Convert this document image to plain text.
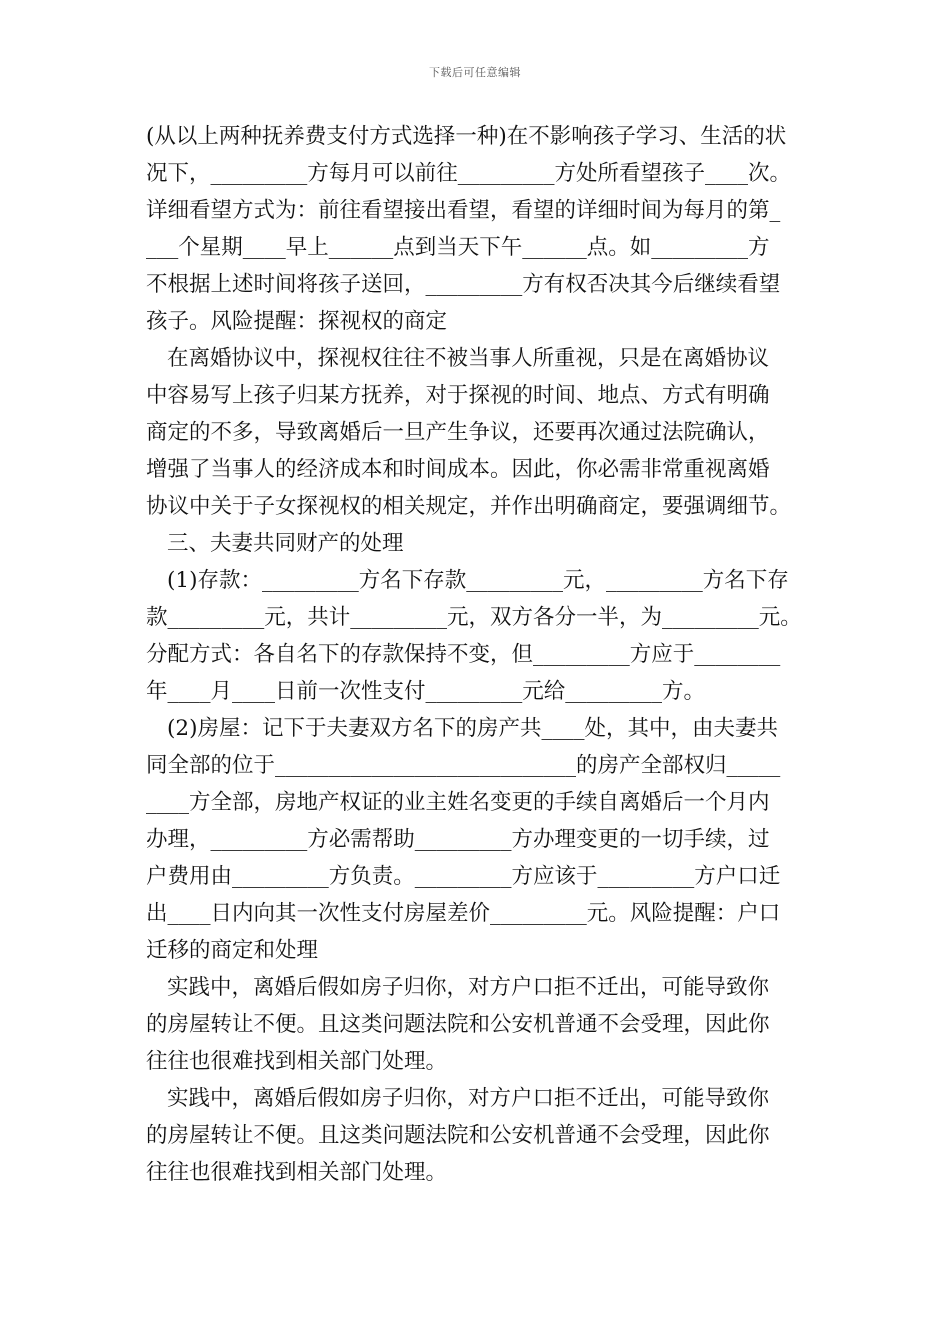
下载后可任意编辑
(从以上两种抚养费支付方式选择一种)在不影响孩子学习、生活的状
况下，_________方每月可以前往_________方处所看望孩子____次。
详细看望方式为：前往看望接出看望，看望的详细时间为每月的第_
___个星期____早上______点到当天下午______点。如_________方
不根据上述时间将孩子送回，_________方有权否决其今后继续看望
孩子。风险提醒：探视权的商定
在离婚协议中，探视权往往不被当事人所重视，只是在离婚协议
中容易写上孩子归某方抚养，对于探视的时间、地点、方式有明确
商定的不多，导致离婚后一旦产生争议，还要再次通过法院确认，
增强了当事人的经济成本和时间成本。因此，你必需非常重视离婚
协议中关于子女探视权的相关规定，并作出明确商定，要强调细节。
三、夫妻共同财产的处理
(1)存款：_________方名下存款_________元，_________方名下存
款_________元，共计_________元，双方各分一半，为_________元。
分配方式：各自名下的存款保持不变，但_________方应于________
年____月____日前一次性支付_________元给_________方。
(2)房屋：记下于夫妻双方名下的房产共____处，其中，由夫妻共
同全部的位于____________________________的房产全部权归_____
____方全部，房地产权证的业主姓名变更的手续自离婚后一个月内
办理，_________方必需帮助_________方办理变更的一切手续，过
户费用由_________方负责。_________方应该于_________方户口迁
出____日内向其一次性支付房屋差价_________元。风险提醒：户口
迁移的商定和处理
实践中，离婚后假如房子归你，对方户口拒不迁出，可能导致你
的房屋转让不便。且这类问题法院和公安机普通不会受理，因此你
往往也很难找到相关部门处理。
实践中，离婚后假如房子归你，对方户口拒不迁出，可能导致你
的房屋转让不便。且这类问题法院和公安机普通不会受理，因此你
往往也很难找到相关部门处理。
